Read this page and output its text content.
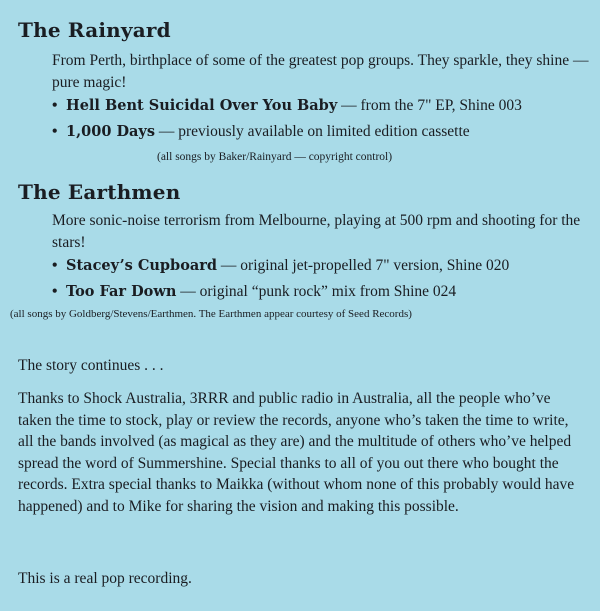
The Rainyard

From Perth, birthplace of some of the greatest pop groups. They sparkle, they shine — pure magic!

• Hell Bent Suicidal Over You Baby — from the 7" EP, Shine 003

• 1,000 Days — previously available on limited edition cassette

(all songs by Baker/Rainyard — copyright control)

The Earthmen

More sonic-noise terrorism from Melbourne, playing at 500 rpm and shooting for the stars!

• Stacey’s Cupboard — original jet-propelled 7" version, Shine 020

• Too Far Down — original “punk rock” mix from Shine 024

(all songs by Goldberg/Stevens/Earthmen. The Earthmen appear courtesy of Seed Records)

The story continues . . .

Thanks to Shock Australia, 3RRR and public radio in Australia, all the people who’ve taken the time to stock, play or review the records, anyone who’s taken the time to write, all the bands involved (as magical as they are) and the multitude of others who’ve helped spread the word of Summershine. Special thanks to all of you out there who bought the records. Extra special thanks to Maikka (without whom none of this probably would have happened) and to Mike for sharing the vision and making this possible.

This is a real pop recording.
